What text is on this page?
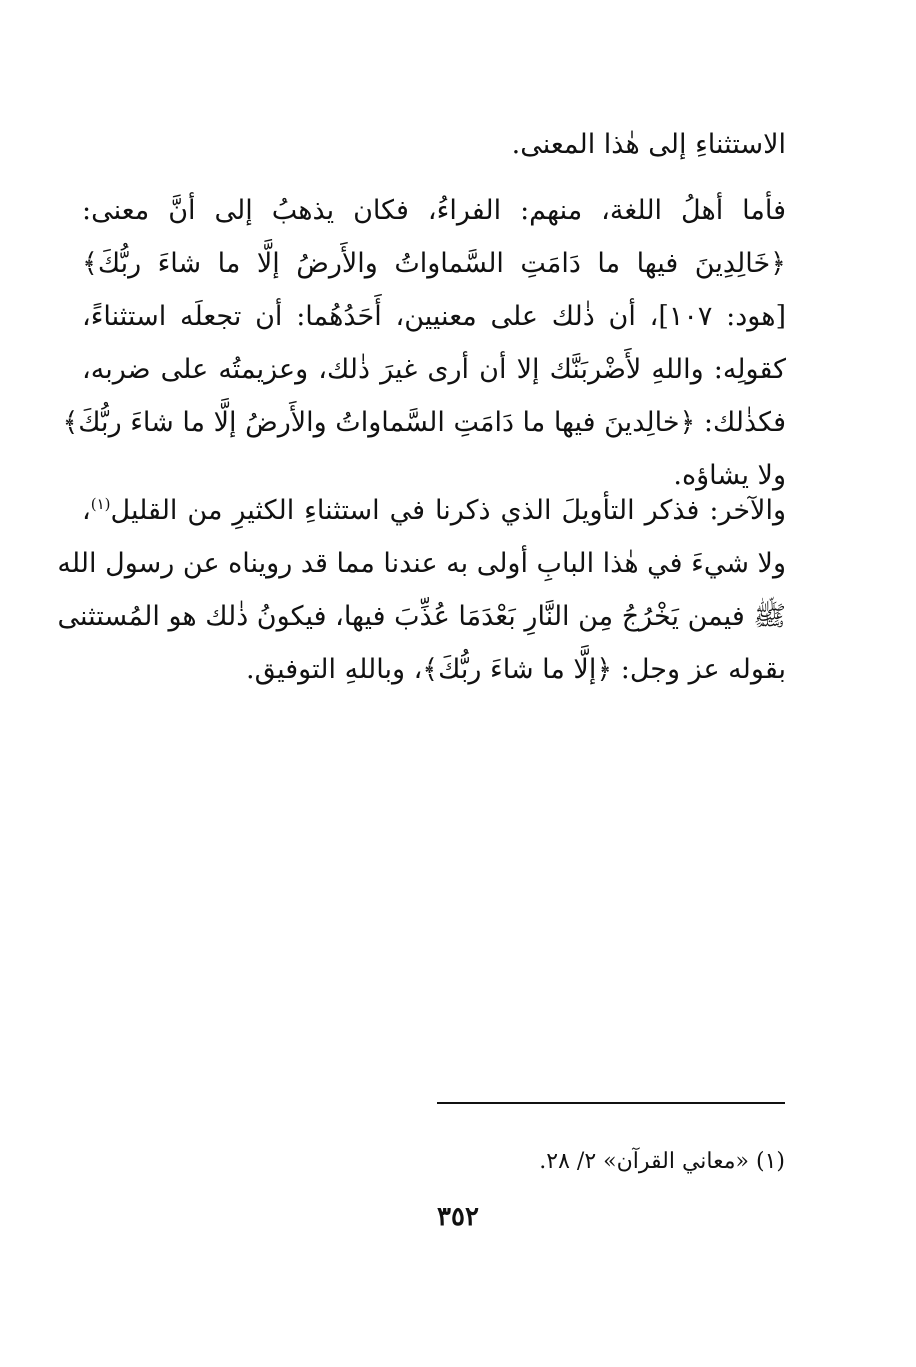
الاستثناءِ إلى هٰذا المعنى.
فأما أهلُ اللغة، منهم: الفراءُ، فكان يذهبُ إلى أنَّ معنى:
﴿خَالِدِينَ فيها ما دَامَتِ السَّماواتُ والأَرضُ إلَّا ما شاءَ ربُّكَ﴾
[هود: ١٠٧]، أن ذٰلك على معنيين، أَحَدُهُما: أن تجعلَه استثناءً،
كقولِه: واللهِ لأَضْربَنَّك إلا أن أرى غيرَ ذٰلك، وعزيمتُه على ضربه،
فكذٰلك: ﴿خالِدينَ فيها ما دَامَتِ السَّماواتُ والأَرضُ إلَّا ما شاءَ ربُّكَ﴾
ولا يشاؤه.
والآخر: فذكر التأويلَ الذي ذكرنا في استثناءِ الكثيرِ من القليل$^{(١)}$،
ولا شيءَ في هٰذا البابِ أولى به عندنا مما قد رويناه عن رسول الله
ﷺ فيمن يَخْرُجُ مِن النَّارِ بَعْدَمَا عُذِّبَ فيها، فيكونُ ذٰلك هو المُستثنى
بقوله عز وجل: ﴿إلَّا ما شاءَ ربُّكَ﴾، وباللهِ التوفيق.
(١) «معاني القرآن» ٢/ ٢٨.
٣٥٢
